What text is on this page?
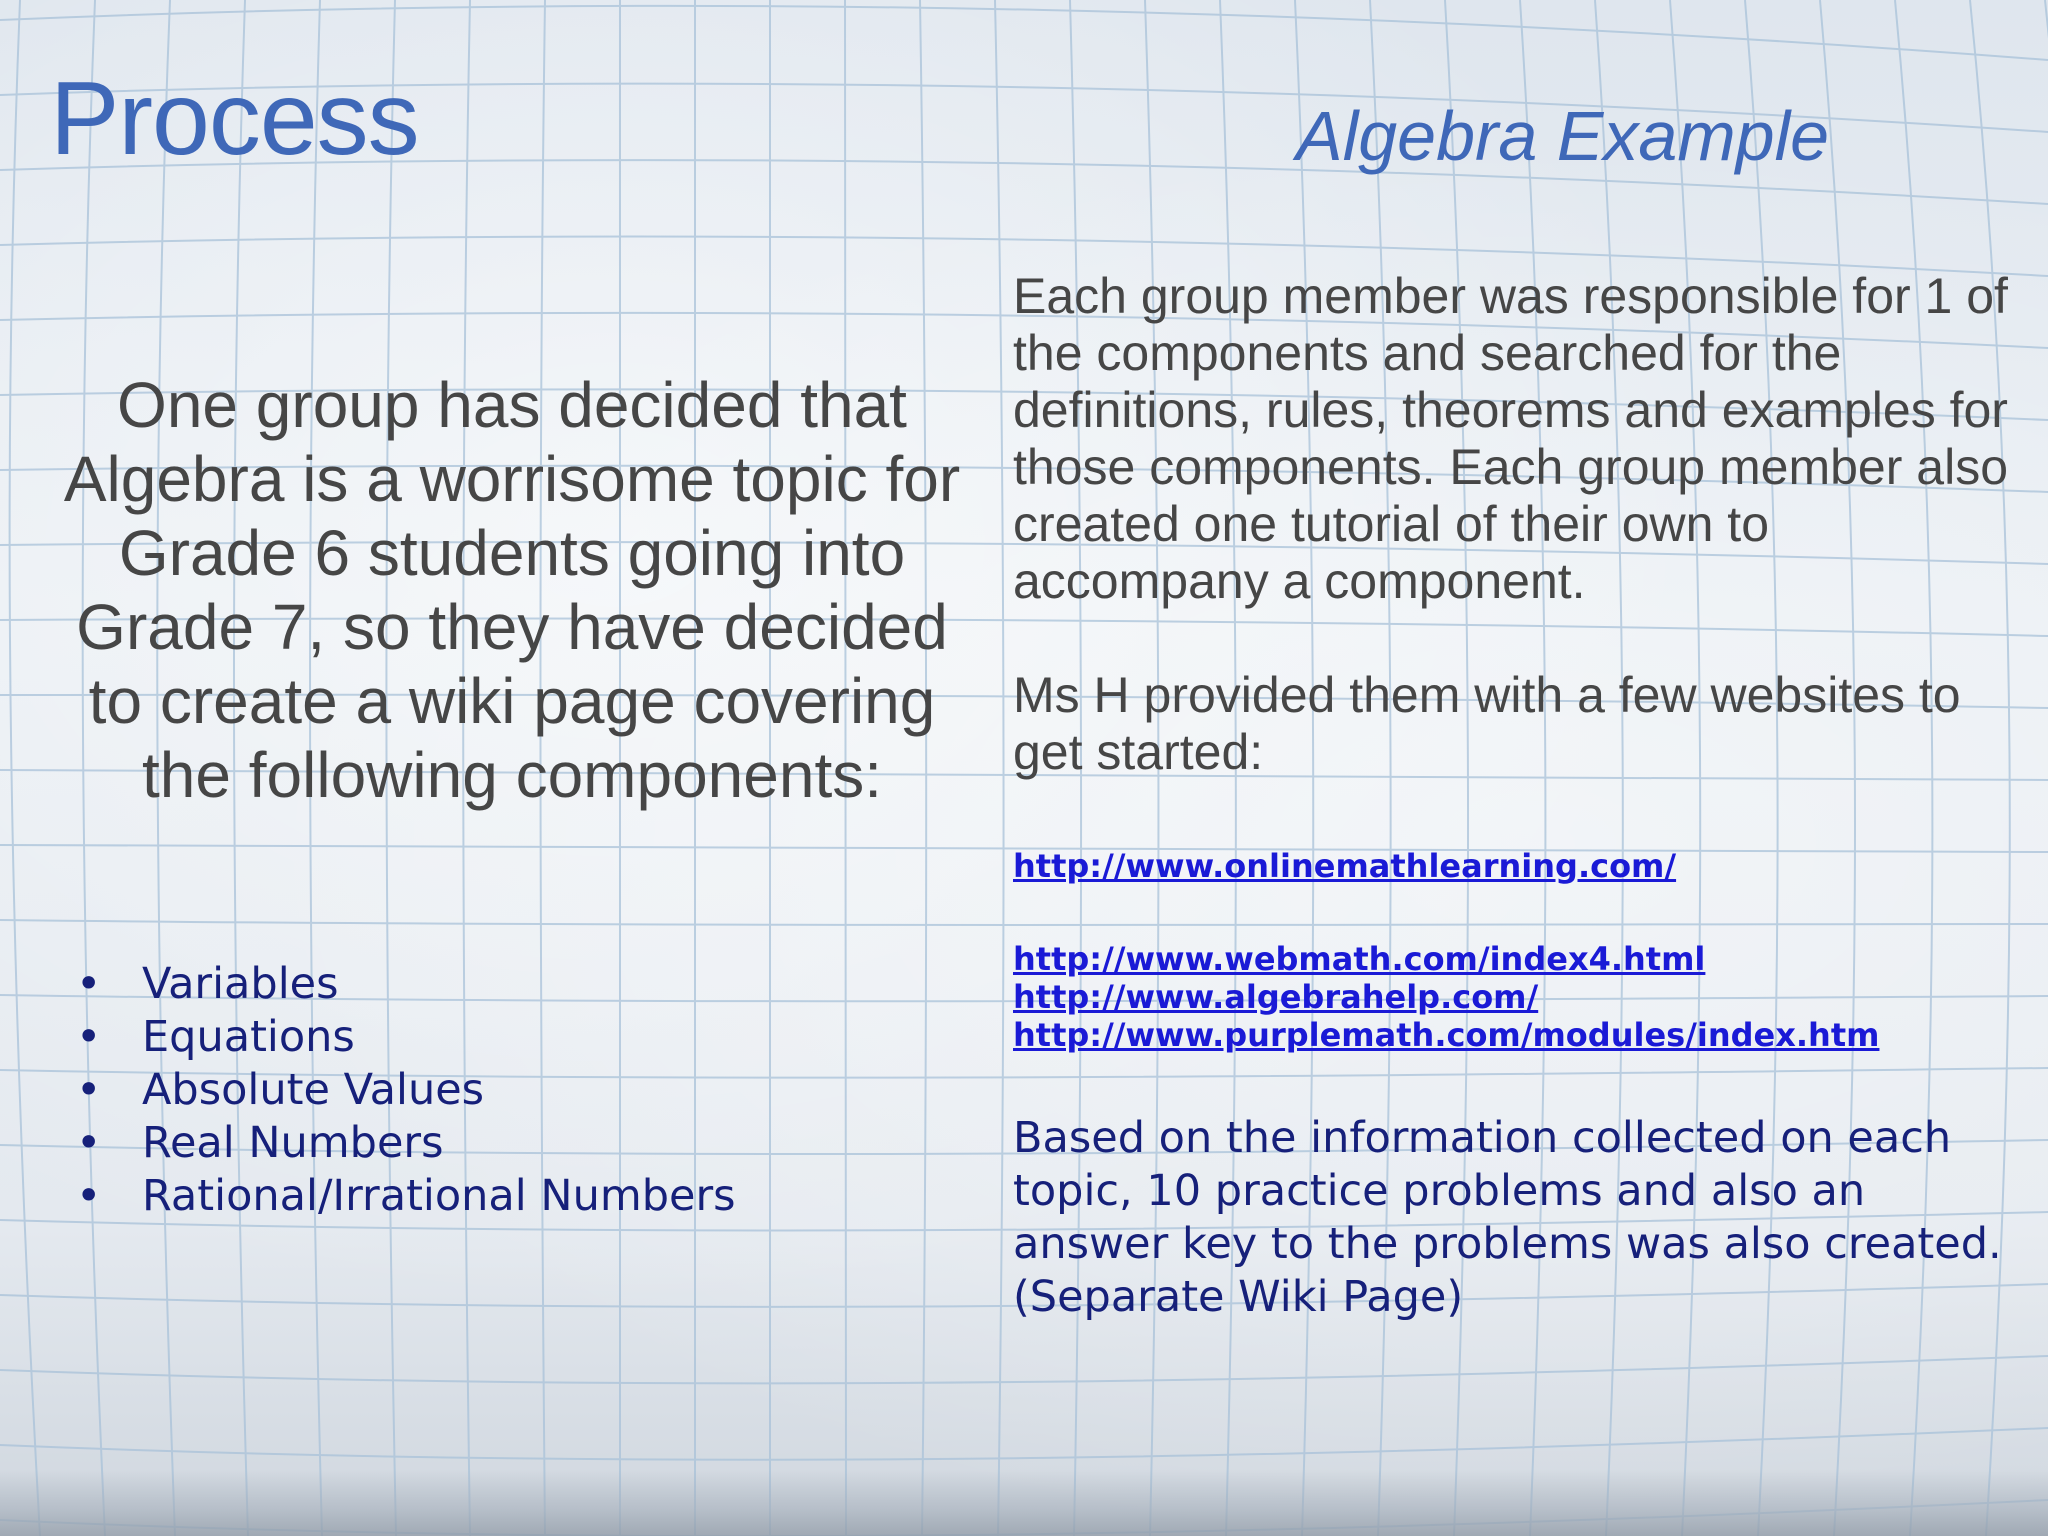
Process	Algebra Example

One group has decided that Algebra is a worrisome topic for Grade 6 students going into Grade 7, so they have decided to create a wiki page covering the following components:

• Variables
• Equations
• Absolute Values
• Real Numbers
• Rational/Irrational Numbers

Each group member was responsible for 1 of the components and searched for the definitions, rules, theorems and examples for those components. Each group member also created one tutorial of their own to accompany a component.

Ms H provided them with a few websites to get started:

http://www.onlinemathlearning.com/
http://www.webmath.com/index4.html
http://www.algebrahelp.com/
http://www.purplemath.com/modules/index.htm

Based on the information collected on each topic, 10 practice problems and also an answer key to the problems was also created. (Separate Wiki Page)
